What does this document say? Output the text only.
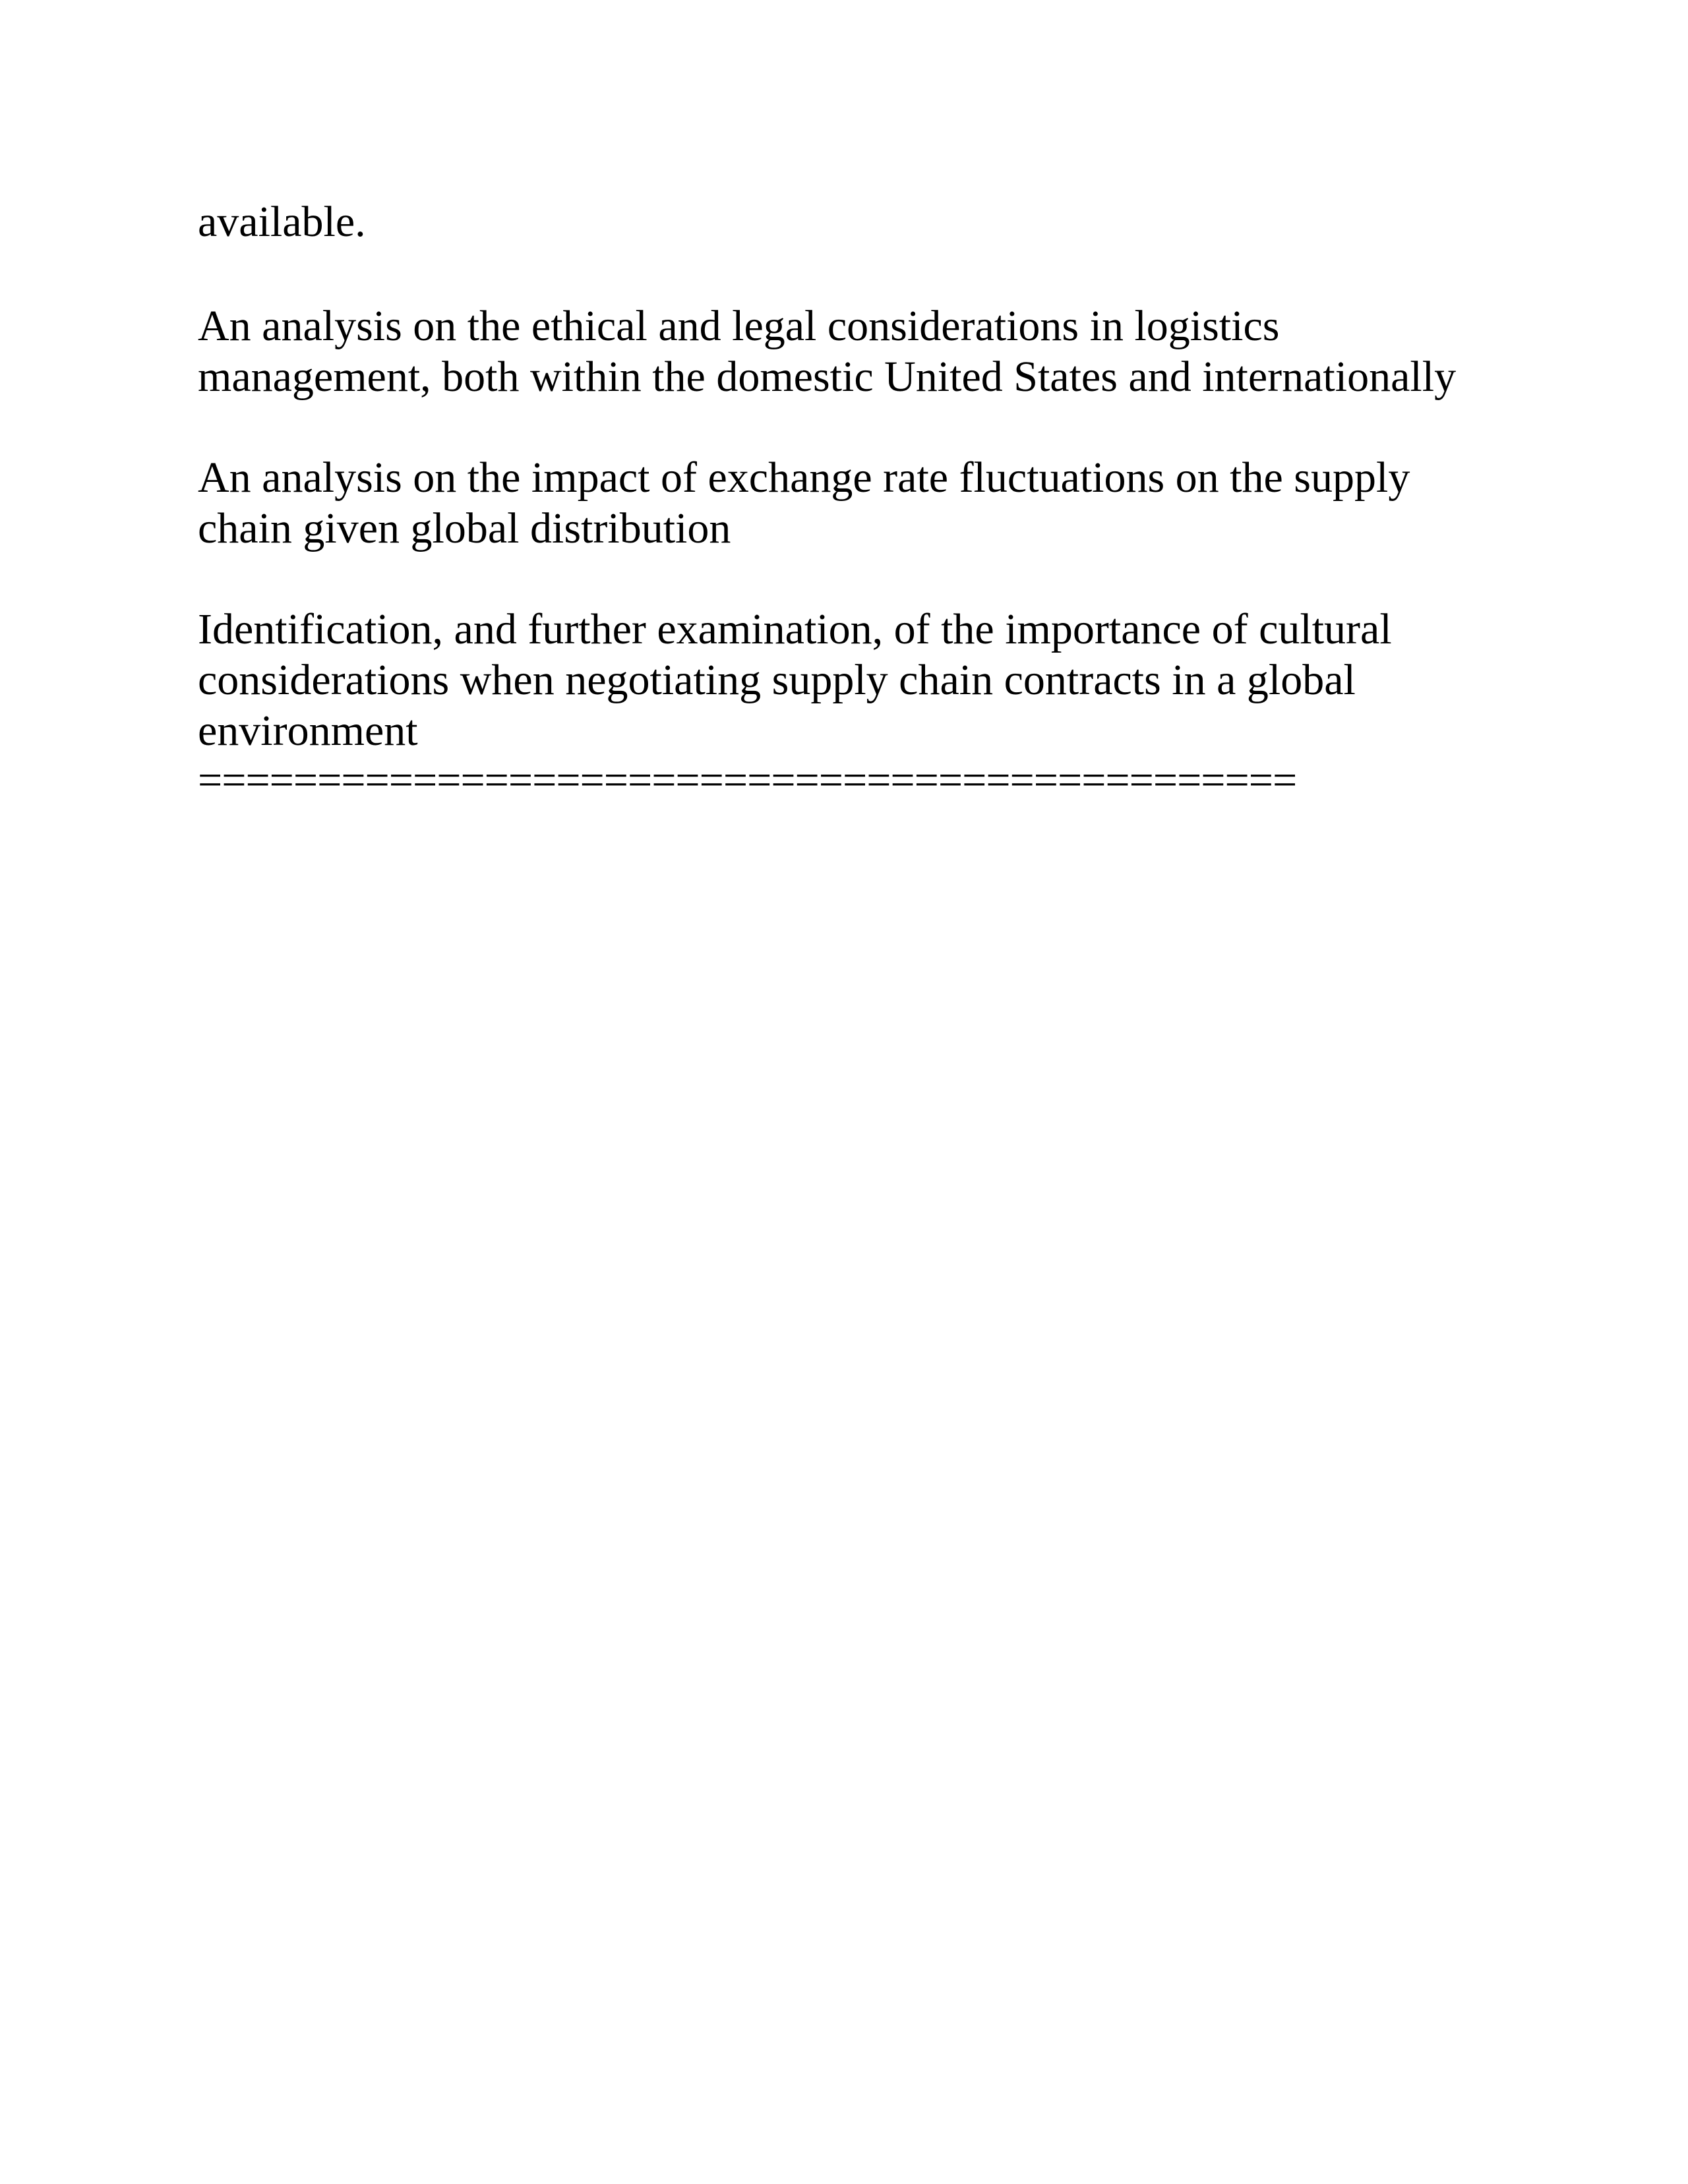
available.
An analysis on the ethical and legal considerations in logistics
management, both within the domestic United States and internationally
An analysis on the impact of exchange rate fluctuations on the supply
chain given global distribution
Identification, and further examination, of the importance of cultural
considerations when negotiating supply chain contracts in a global
environment
==============================================
